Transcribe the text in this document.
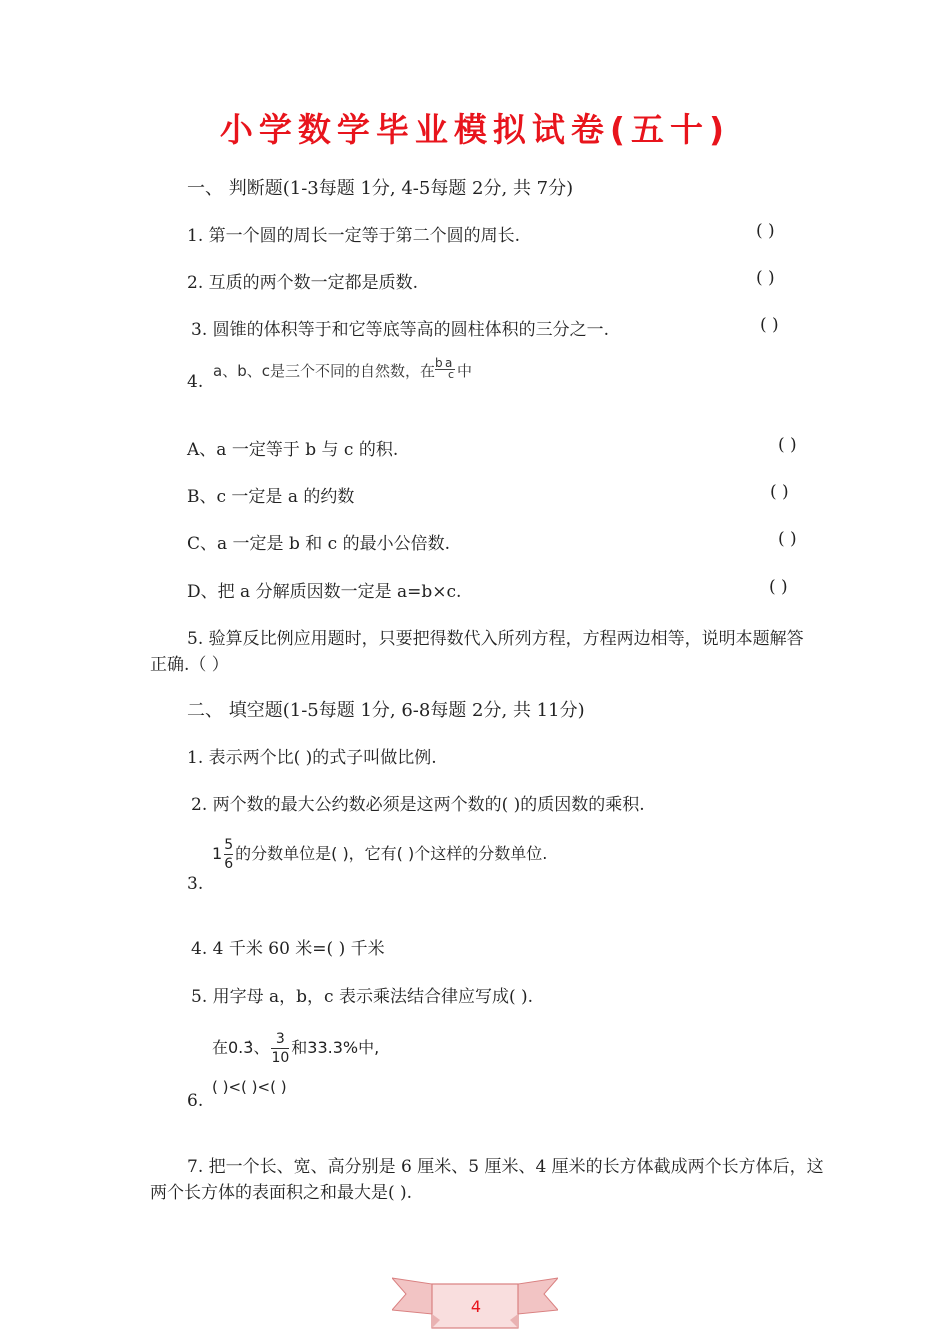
小学数学毕业模拟试卷(五十)
一、 判断题(1-3每题 1分, 4-5每题 2分, 共 7分)
1. 第一个圆的周长一定等于第二个圆的周长.	( )
2. 互质的两个数一定都是质数.	( )
3. 圆锥的体积等于和它等底等高的圆柱体积的三分之一.	( )
4.
a、b、c是三个不同的自然数，在 b a
c 中
A、a 一定等于 b 与 c 的积.	( )
B、c 一定是 a 的约数	( )
C、a 一定是 b 和 c 的最小公倍数.	( )
D、把 a 分解质因数一定是 a=b×c.	( )
5. 验算反比例应用题时，只要把得数代入所列方程，方程两边相等，说明本题解答
正确.（ ）
二、 填空题(1-5每题 1分, 6-8每题 2分, 共 11分)
1. 表示两个比( )的式子叫做比例.
2. 两个数的最大公约数必须是这两个数的( )的质因数的乘积.
$1 \frac{5}{6}$ 的分数单位是( )，它有( )个这样的分数单位.
3.
4. 4 千米 60 米=( ) 千米
5. 用字母 a，b，c 表示乘法结合律应写成( ).
在0.3̇、 $\frac{3}{10}$ 和33.3%中,
( )<( )<( )
6.
7. 把一个长、宽、高分别是 6 厘米、5 厘米、4 厘米的长方体截成两个长方体后，这
两个长方体的表面积之和最大是( ).
4
